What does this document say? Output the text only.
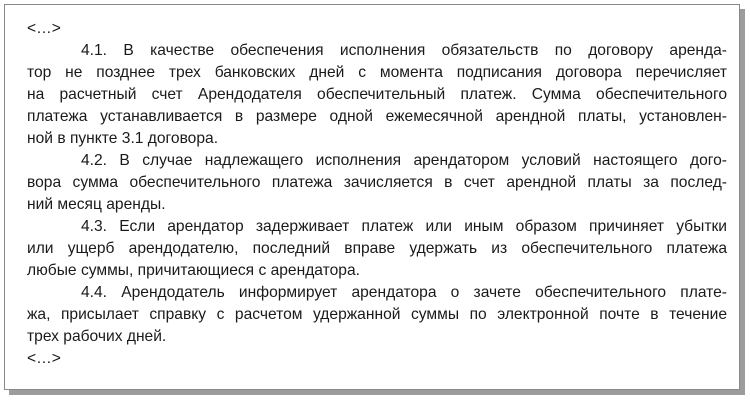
<…>
4.1. В качестве обеспечения исполнения обязательств по договору аренда-
тор не позднее трех банковских дней с момента подписания договора перечисляет
на расчетный счет Арендодателя обеспечительный платеж. Сумма обеспечительного
платежа устанавливается в размере одной ежемесячной арендной платы, установлен-
ной в пункте 3.1 договора.
4.2. В случае надлежащего исполнения арендатором условий настоящего дого-
вора сумма обеспечительного платежа зачисляется в счет арендной платы за послед-
ний месяц аренды.
4.3. Если арендатор задерживает платеж или иным образом причиняет убытки
или ущерб арендодателю, последний вправе удержать из обеспечительного платежа
любые суммы, причитающиеся с арендатора.
4.4. Арендодатель информирует арендатора о зачете обеспечительного плате-
жа, присылает справку с расчетом удержанной суммы по электронной почте в течение
трех рабочих дней.
<…>
